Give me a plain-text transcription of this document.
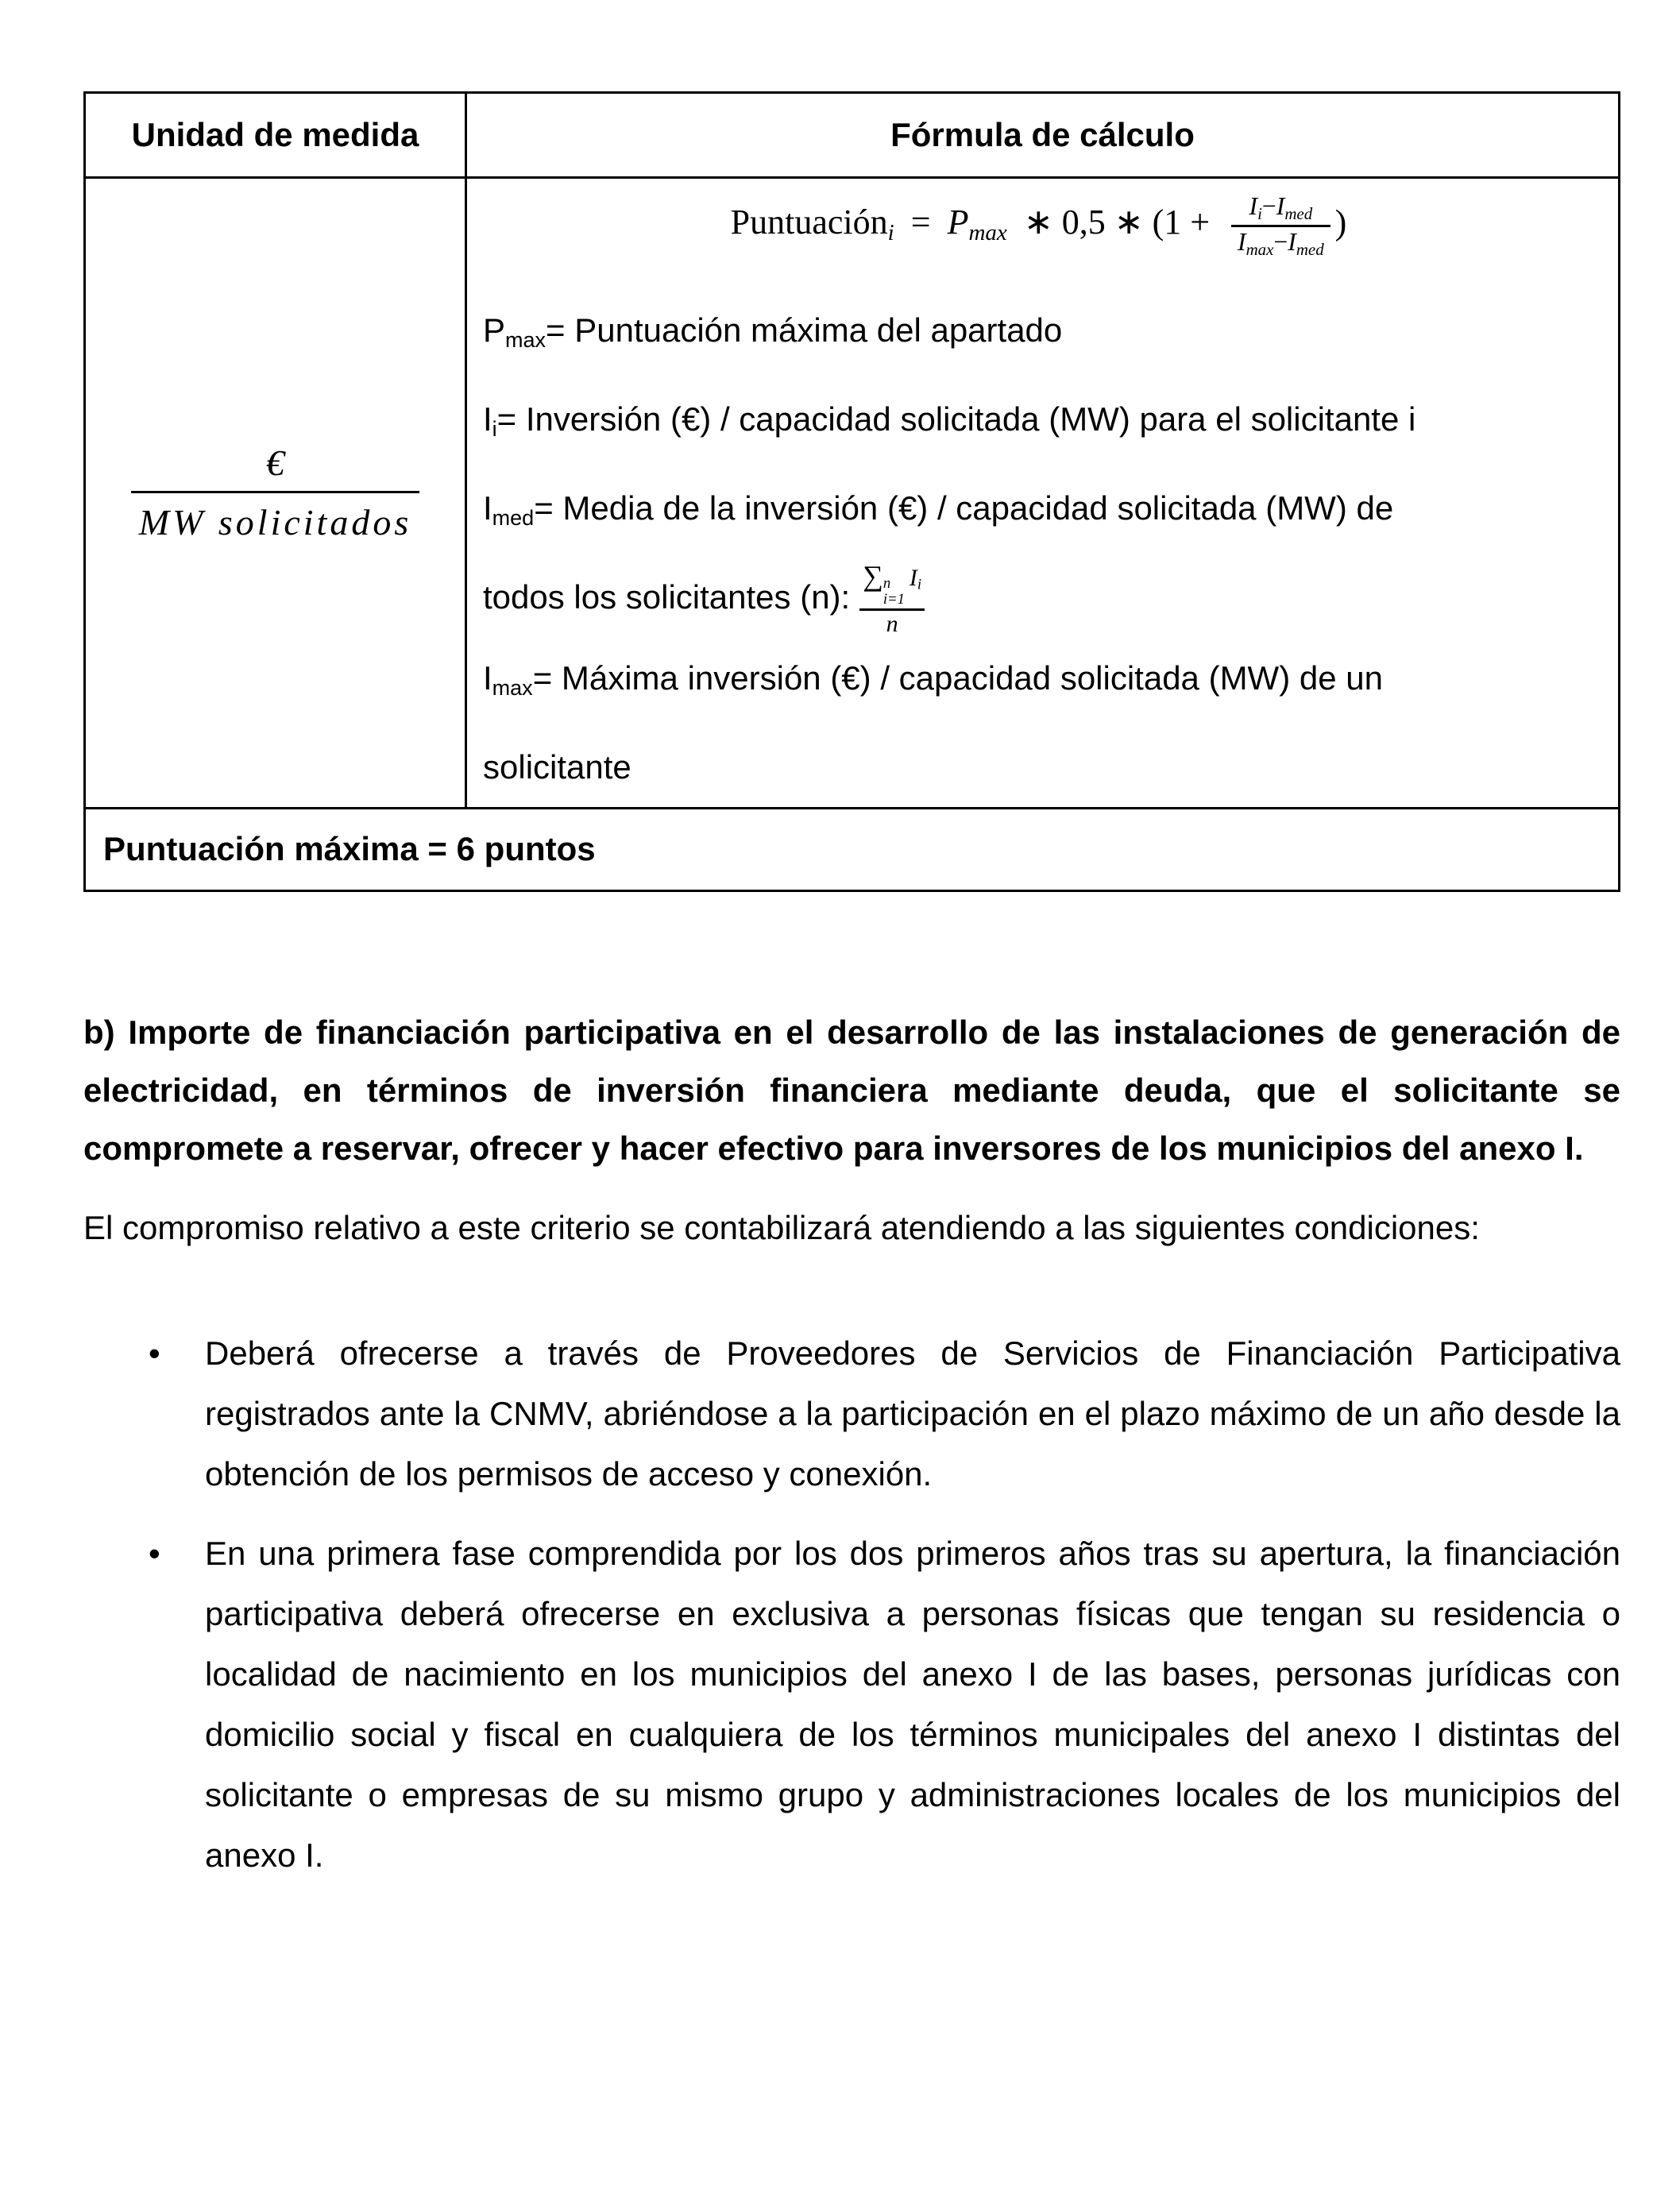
Unidad de medida	Fórmula de cálculo

$\frac{€}{\text{MW solicitados}}$

Puntuacióni = Pmax ∗ 0,5 ∗ ($1 + \frac{\text{Ii−Imed}}{\text{Imax−Imed}}$ )

Pmax= Puntuación máxima del apartado

Ii= Inversión (€) / capacidad solicitada (MW) para el solicitante i

Imed= Media de la inversión (€) / capacidad solicitada (MW) de
todos los solicitantes (n): ∑ n
i=1
Ii
n

Imax= Máxima inversión (€) / capacidad solicitada (MW) de un
solicitante

Puntuación máxima = 6 puntos	

b) Importe de financiación participativa en el desarrollo de las instalaciones de generación de electricidad, en términos de inversión financiera mediante deuda, que el solicitante se compromete a reservar, ofrecer y hacer efectivo para inversores de los municipios del anexo I.

El compromiso relativo a este criterio se contabilizará atendiendo a las siguientes condiciones:

•	Deberá ofrecerse a través de Proveedores de Servicios de Financiación Participativa registrados ante la CNMV, abriéndose a la participación en el plazo máximo de un año desde la obtención de los permisos de acceso y conexión.
•	En una primera fase comprendida por los dos primeros años tras su apertura, la financiación participativa deberá ofrecerse en exclusiva a personas físicas que tengan su residencia o localidad de nacimiento en los municipios del anexo I de las bases, personas jurídicas con domicilio social y fiscal en cualquiera de los términos municipales del anexo I distintas del solicitante o empresas de su mismo grupo y administraciones locales de los municipios del anexo I.
